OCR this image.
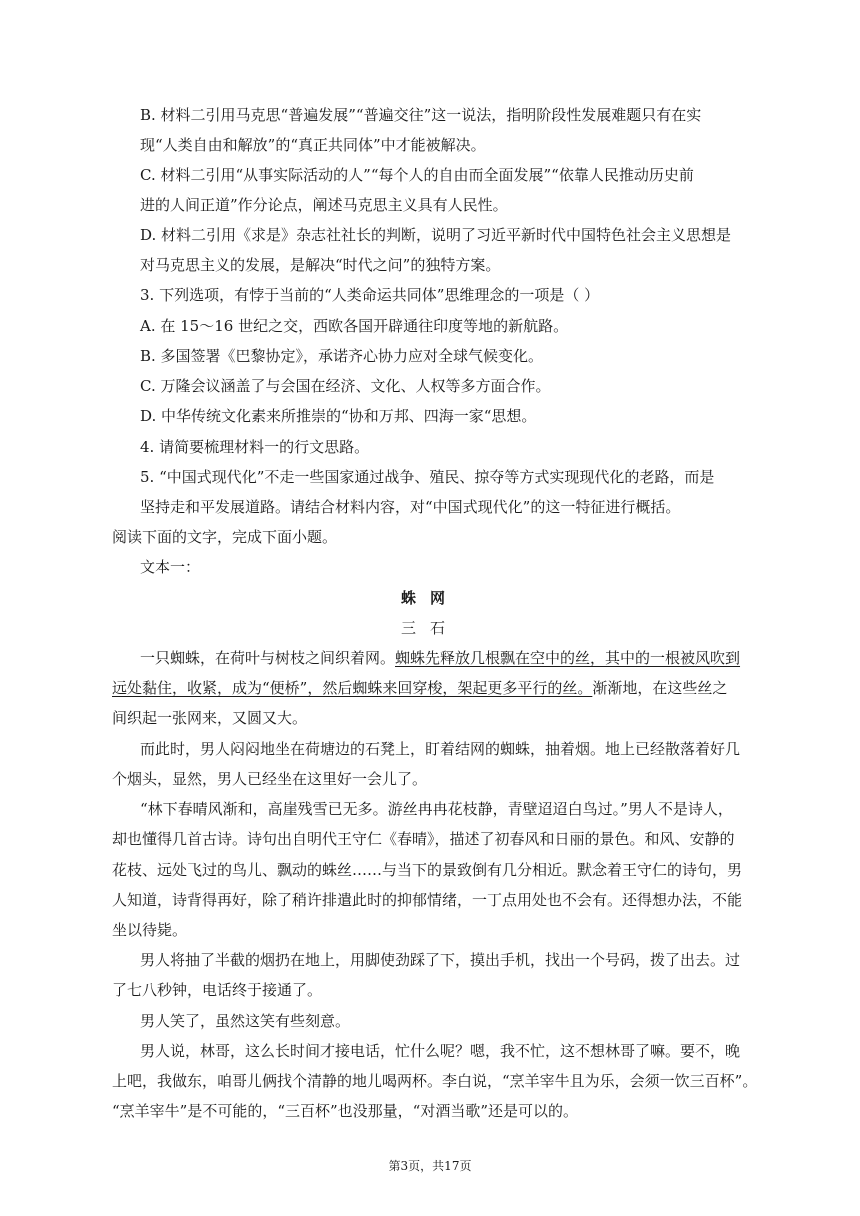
B. 材料二引用马克思“普遍发展”“普遍交往”这一说法，指明阶段性发展难题只有在实
现“人类自由和解放”的“真正共同体”中才能被解决。
C. 材料二引用“从事实际活动的人”“每个人的自由而全面发展”“依靠人民推动历史前
进的人间正道”作分论点，阐述马克思主义具有人民性。
D. 材料二引用《求是》杂志社社长的判断，说明了习近平新时代中国特色社会主义思想是
对马克思主义的发展，是解决“时代之问”的独特方案。
3. 下列选项，有悖于当前的“人类命运共同体”思维理念的一项是（ ）
A. 在 15～16 世纪之交，西欧各国开辟通往印度等地的新航路。
B. 多国签署《巴黎协定》，承诺齐心协力应对全球气候变化。
C. 万隆会议涵盖了与会国在经济、文化、人权等多方面合作。
D. 中华传统文化素来所推崇的“协和万邦、四海一家“思想。
4. 请简要梳理材料一的行文思路。
5. “中国式现代化”不走一些国家通过战争、殖民、掠夺等方式实现现代化的老路，而是
坚持走和平发展道路。请结合材料内容，对“中国式现代化”的这一特征进行概括。
阅读下面的文字，完成下面小题。
文本一：
蛛网
三石
一只蜘蛛，在荷叶与树枝之间织着网。蜘蛛先释放几根飘在空中的丝，其中的一根被风吹到
远处黏住，收紧，成为“便桥”，然后蜘蛛来回穿梭，架起更多平行的丝。渐渐地，在这些丝之
间织起一张网来，又圆又大。
而此时，男人闷闷地坐在荷塘边的石凳上，盯着结网的蜘蛛，抽着烟。地上已经散落着好几
个烟头，显然，男人已经坐在这里好一会儿了。
“林下春晴风渐和，高崖残雪已无多。游丝冉冉花枝静，青壁迢迢白鸟过。”男人不是诗人，
却也懂得几首古诗。诗句出自明代王守仁《春晴》，描述了初春风和日丽的景色。和风、安静的
花枝、远处飞过的鸟儿、飘动的蛛丝……与当下的景致倒有几分相近。默念着王守仁的诗句，男
人知道，诗背得再好，除了稍许排遣此时的抑郁情绪，一丁点用处也不会有。还得想办法，不能
坐以待毙。
男人将抽了半截的烟扔在地上，用脚使劲踩了下，摸出手机，找出一个号码，拨了出去。过
了七八秒钟，电话终于接通了。
男人笑了，虽然这笑有些刻意。
男人说，林哥，这么长时间才接电话，忙什么呢？嗯，我不忙，这不想林哥了嘛。要不，晚
上吧，我做东，咱哥儿俩找个清静的地儿喝两杯。李白说，“烹羊宰牛且为乐，会须一饮三百杯”。
“烹羊宰牛”是不可能的，“三百杯”也没那量，“对酒当歌”还是可以的。
第3页，共17页
